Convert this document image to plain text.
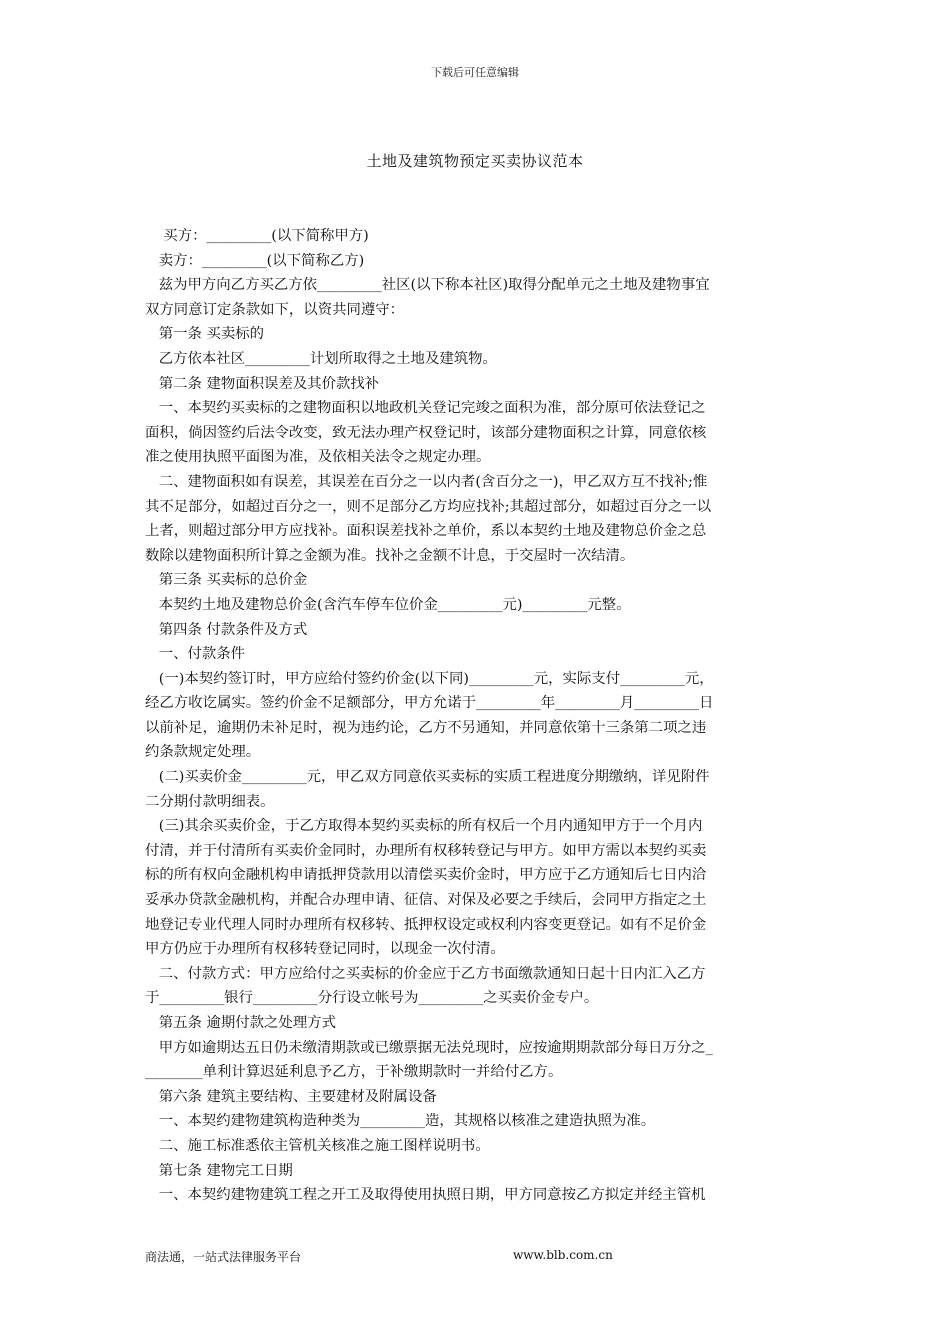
下载后可任意编辑
土地及建筑物预定买卖协议范本
买方：_________(以下简称甲方)
卖方：_________(以下简称乙方)
兹为甲方向乙方买乙方依_________社区(以下称本社区)取得分配单元之土地及建物事宜
双方同意订定条款如下，以资共同遵守：
第一条 买卖标的
乙方依本社区_________计划所取得之土地及建筑物。
第二条 建物面积误差及其价款找补
一、本契约买卖标的之建物面积以地政机关登记完竣之面积为准，部分原可依法登记之
面积，倘因签约后法令改变，致无法办理产权登记时，该部分建物面积之计算，同意依核
准之使用执照平面图为准，及依相关法令之规定办理。
二、建物面积如有误差，其误差在百分之一以内者(含百分之一)，甲乙双方互不找补;惟
其不足部分，如超过百分之一，则不足部分乙方均应找补;其超过部分，如超过百分之一以
上者，则超过部分甲方应找补。面积误差找补之单价，系以本契约土地及建物总价金之总
数除以建物面积所计算之金额为准。找补之金额不计息，于交屋时一次结清。
第三条 买卖标的总价金
本契约土地及建物总价金(含汽车停车位价金_________元)_________元整。
第四条 付款条件及方式
一、付款条件
(一)本契约签订时，甲方应给付签约价金(以下同)_________元，实际支付_________元，
经乙方收讫属实。签约价金不足额部分，甲方允诺于_________年_________月_________日
以前补足，逾期仍未补足时，视为违约论，乙方不另通知，并同意依第十三条第二项之违
约条款规定处理。
(二)买卖价金_________元，甲乙双方同意依买卖标的实质工程进度分期缴纳，详见附件
二分期付款明细表。
(三)其余买卖价金，于乙方取得本契约买卖标的所有权后一个月内通知甲方于一个月内
付清，并于付清所有买卖价金同时，办理所有权移转登记与甲方。如甲方需以本契约买卖
标的所有权向金融机构申请抵押贷款用以清偿买卖价金时，甲方应于乙方通知后七日内洽
妥承办贷款金融机构，并配合办理申请、征信、对保及必要之手续后，会同甲方指定之土
地登记专业代理人同时办理所有权移转、抵押权设定或权利内容变更登记。如有不足价金
甲方仍应于办理所有权移转登记同时，以现金一次付清。
二、付款方式：甲方应给付之买卖标的价金应于乙方书面缴款通知日起十日内汇入乙方
于_________银行_________分行设立帐号为_________之买卖价金专户。
第五条 逾期付款之处理方式
甲方如逾期达五日仍未缴清期款或已缴票据无法兑现时，应按逾期期款部分每日万分之_
________单利计算迟延利息予乙方，于补缴期款时一并给付乙方。
第六条 建筑主要结构、主要建材及附属设备
一、本契约建物建筑构造种类为_________造，其规格以核准之建造执照为准。
二、施工标准悉依主管机关核准之施工图样说明书。
第七条 建物完工日期
一、本契约建物建筑工程之开工及取得使用执照日期，甲方同意按乙方拟定并经主管机
商法通，一站式法律服务平台	www.blb.com.cn
